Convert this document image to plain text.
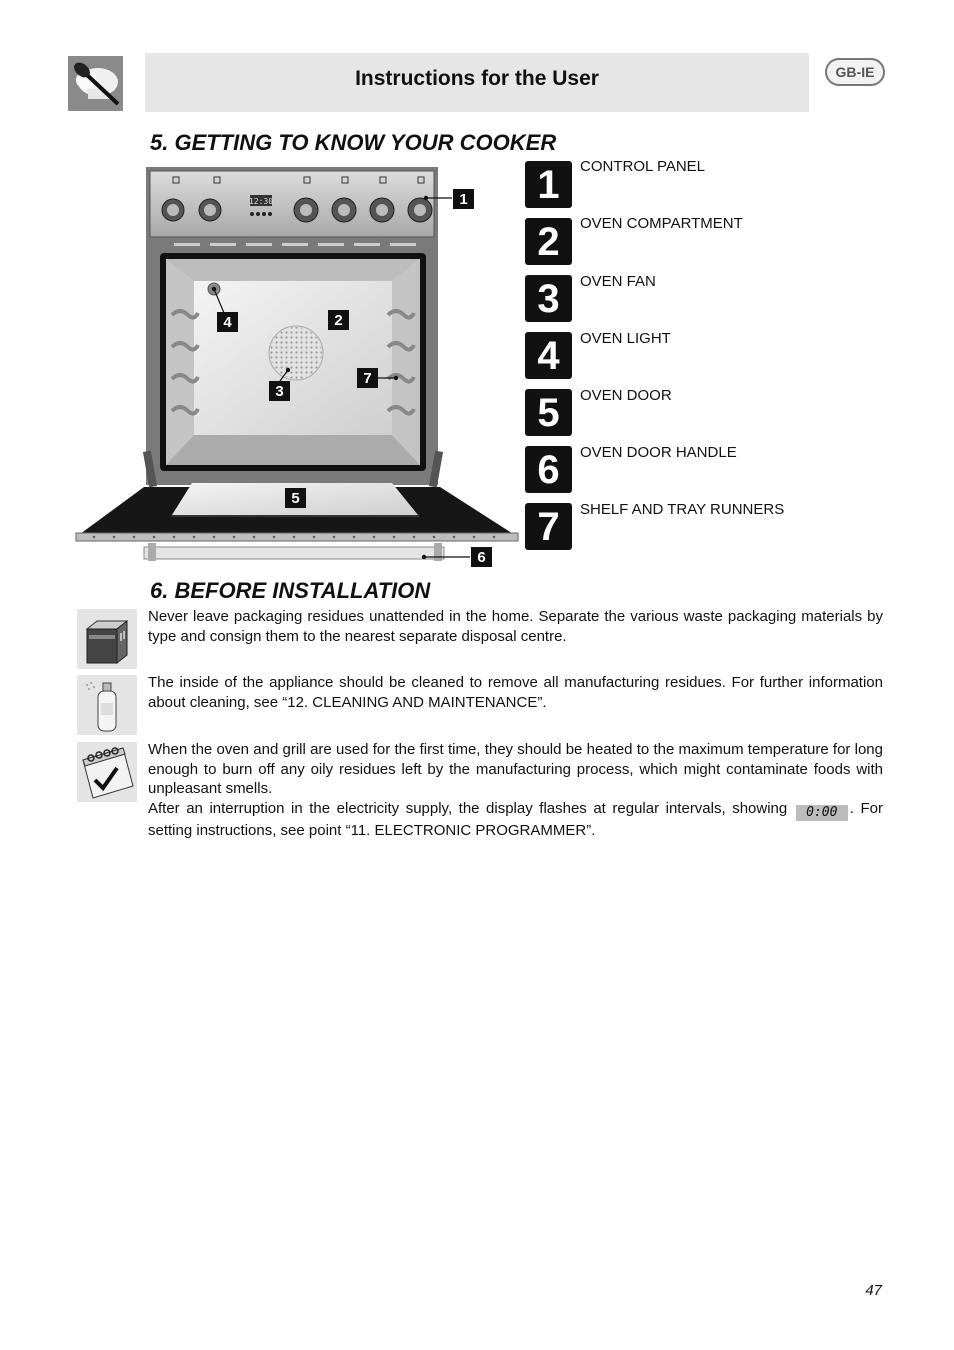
Instructions for the User	GB-IE
5. GETTING TO KNOW YOUR COOKER
12:30	1
2
3
4
5
6
7
1	CONTROL PANEL
2	OVEN COMPARTMENT
3	OVEN FAN
4	OVEN LIGHT
5	OVEN DOOR
6	OVEN DOOR HANDLE
7	SHELF AND TRAY RUNNERS
6. BEFORE INSTALLATION
Never leave packaging residues unattended in the home. Separate the various waste packaging materials by type and consign them to the nearest separate disposal centre.
The inside of the appliance should be cleaned to remove all manufacturing residues. For further information about cleaning, see “12. CLEANING AND MAINTENANCE”.
When the oven and grill are used for the first time, they should be heated to the maximum temperature for long enough to burn off any oily residues left by the manufacturing process, which might contaminate foods with unpleasant smells.
After an interruption in the electricity supply, the display flashes at regular intervals, showing 0:00 . For setting instructions, see point “11. ELECTRONIC PROGRAMMER”.
47
